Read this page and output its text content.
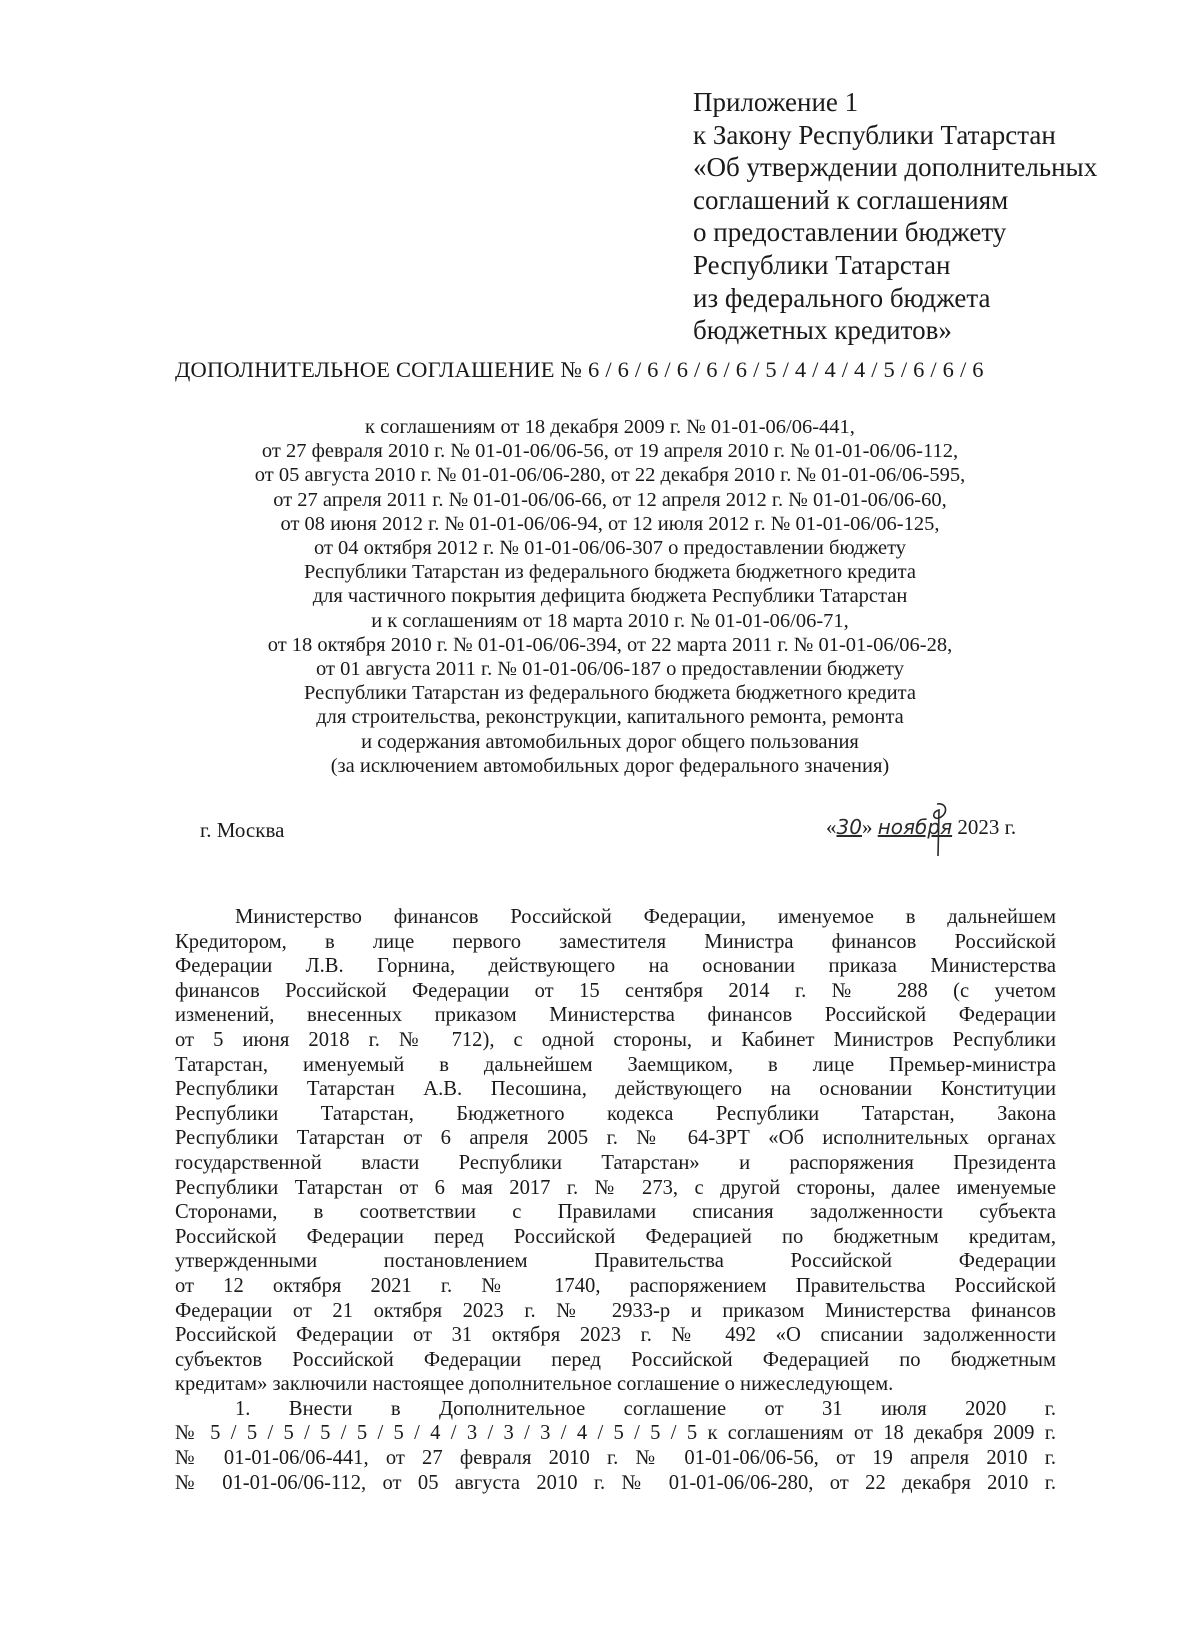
Приложение 1
к Закону Республики Татарстан
«Об утверждении дополнительных
соглашений к соглашениям
о предоставлении бюджету
Республики Татарстан
из федерального бюджета
бюджетных кредитов»
ДОПОЛНИТЕЛЬНОЕ СОГЛАШЕНИЕ № 6 / 6 / 6 / 6 / 6 / 6 / 5 / 4 / 4 / 4 / 5 / 6 / 6 / 6
к соглашениям от 18 декабря 2009 г. № 01-01-06/06-441,
от 27 февраля 2010 г. № 01-01-06/06-56, от 19 апреля 2010 г. № 01-01-06/06-112,
от 05 августа 2010 г. № 01-01-06/06-280, от 22 декабря 2010 г. № 01-01-06/06-595,
от 27 апреля 2011 г. № 01-01-06/06-66, от 12 апреля 2012 г. № 01-01-06/06-60,
от 08 июня 2012 г. № 01-01-06/06-94, от 12 июля 2012 г. № 01-01-06/06-125,
от 04 октября 2012 г. № 01-01-06/06-307 о предоставлении бюджету
Республики Татарстан из федерального бюджета бюджетного кредита
для частичного покрытия дефицита бюджета Республики Татарстан
и к соглашениям от 18 марта 2010 г. № 01-01-06/06-71,
от 18 октября 2010 г. № 01-01-06/06-394, от 22 марта 2011 г. № 01-01-06/06-28,
от 01 августа 2011 г. № 01-01-06/06-187 о предоставлении бюджету
Республики Татарстан из федерального бюджета бюджетного кредита
для строительства, реконструкции, капитального ремонта, ремонта
и содержания автомобильных дорог общего пользования
(за исключением автомобильных дорог федерального значения)
г. Москва	«30» ноября 2023 г.
Министерство финансов Российской Федерации, именуемое в дальнейшем
Кредитором, в лице первого заместителя Министра финансов Российской
Федерации Л.В. Горнина, действующего на основании приказа Министерства
финансов Российской Федерации от 15 сентября 2014 г. № 288 (с учетом
изменений, внесенных приказом Министерства финансов Российской Федерации
от 5 июня 2018 г. № 712), с одной стороны, и Кабинет Министров Республики
Татарстан, именуемый в дальнейшем Заемщиком, в лице Премьер-министра
Республики Татарстан А.В. Песошина, действующего на основании Конституции
Республики Татарстан, Бюджетного кодекса Республики Татарстан, Закона
Республики Татарстан от 6 апреля 2005 г. № 64-ЗРТ «Об исполнительных органах
государственной власти Республики Татарстан» и распоряжения Президента
Республики Татарстан от 6 мая 2017 г. № 273, с другой стороны, далее именуемые
Сторонами, в соответствии с Правилами списания задолженности субъекта
Российской Федерации перед Российской Федерацией по бюджетным кредитам,
утвержденными постановлением Правительства Российской Федерации
от 12 октября 2021 г. № 1740, распоряжением Правительства Российской
Федерации от 21 октября 2023 г. № 2933-р и приказом Министерства финансов
Российской Федерации от 31 октября 2023 г. № 492 «О списании задолженности
субъектов Российской Федерации перед Российской Федерацией по бюджетным
кредитам» заключили настоящее дополнительное соглашение о нижеследующем.
1. Внести в Дополнительное соглашение от 31 июля 2020 г.
№ 5 / 5 / 5 / 5 / 5 / 5 / 4 / 3 / 3 / 3 / 4 / 5 / 5 / 5 к соглашениям от 18 декабря 2009 г.
№ 01-01-06/06-441, от 27 февраля 2010 г. № 01-01-06/06-56, от 19 апреля 2010 г.
№ 01-01-06/06-112, от 05 августа 2010 г. № 01-01-06/06-280, от 22 декабря 2010 г.
